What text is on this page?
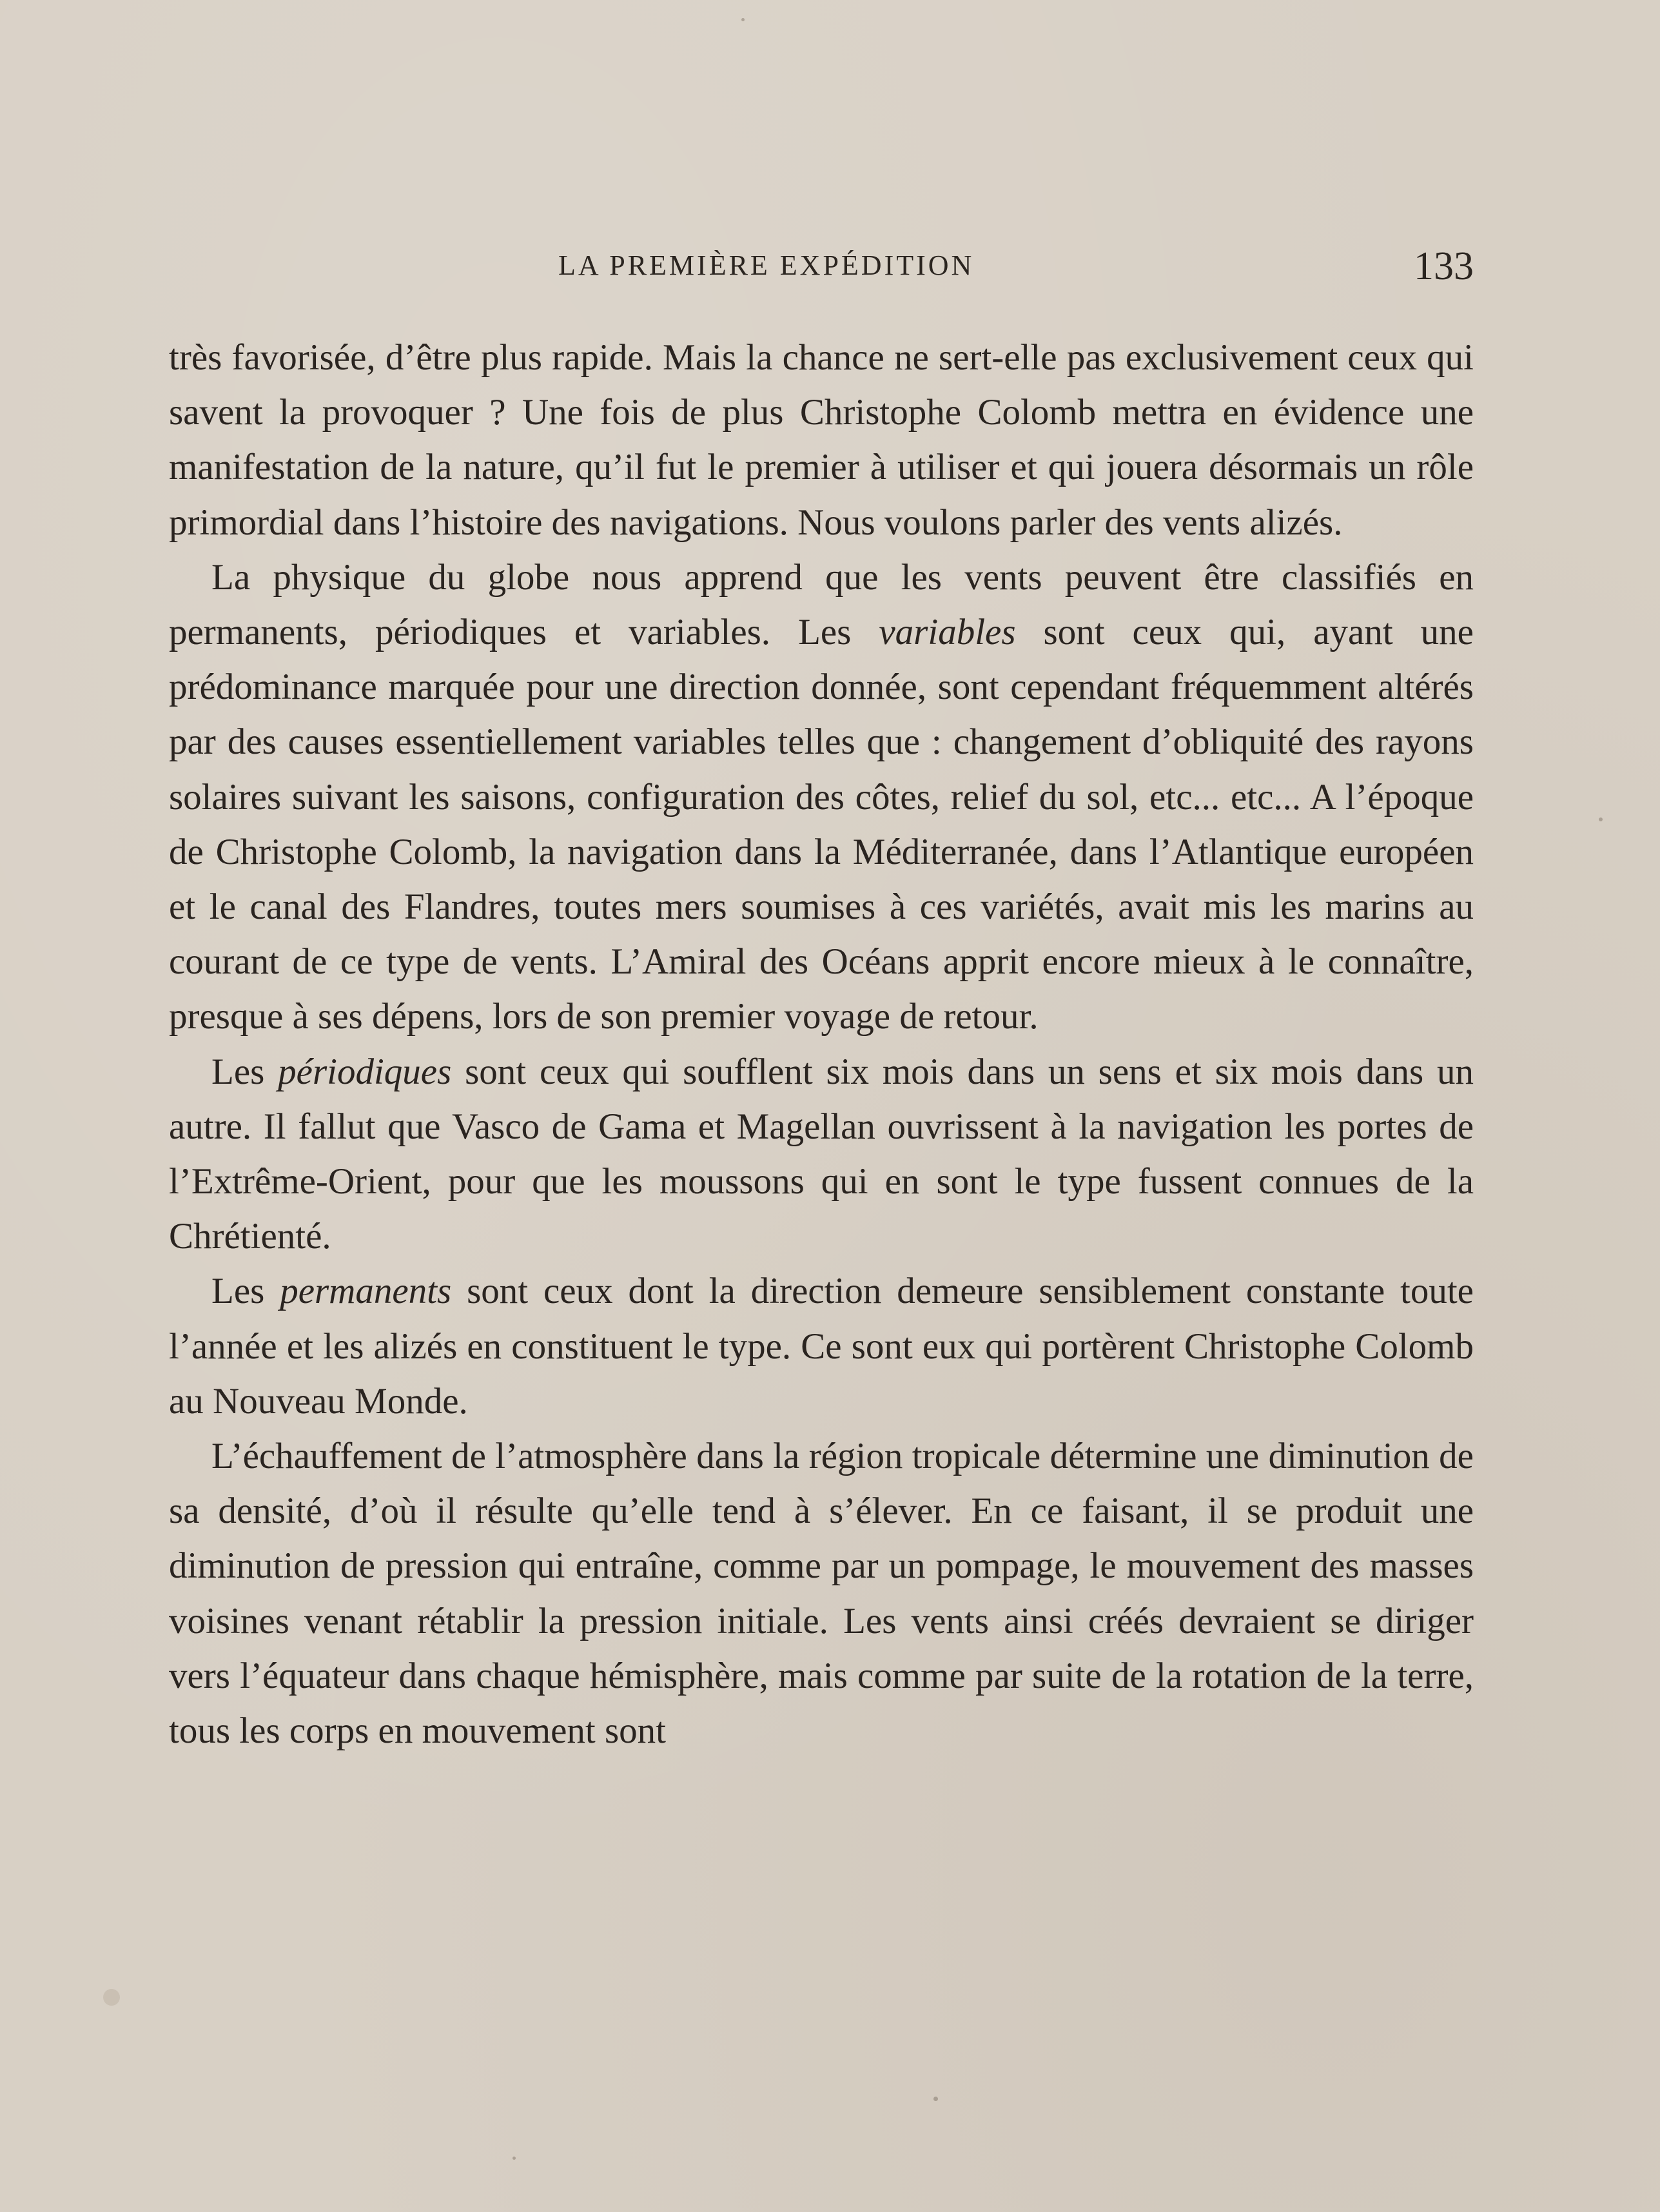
LA PREMIÈRE EXPÉDITION	133

très favorisée, d’être plus rapide. Mais la chance ne sert-elle pas exclusivement ceux qui savent la provoquer ? Une fois de plus Christophe Colomb mettra en évidence une manifestation de la nature, qu’il fut le premier à utiliser et qui jouera désormais un rôle primordial dans l’histoire des navigations. Nous voulons parler des vents alizés.

La physique du globe nous apprend que les vents peuvent être classifiés en permanents, périodiques et variables. Les variables sont ceux qui, ayant une prédominance marquée pour une direction donnée, sont cependant fréquemment altérés par des causes essentiellement variables telles que : changement d’obliquité des rayons solaires suivant les saisons, configuration des côtes, relief du sol, etc... etc... A l’époque de Christophe Colomb, la navigation dans la Méditerranée, dans l’Atlantique européen et le canal des Flandres, toutes mers soumises à ces variétés, avait mis les marins au courant de ce type de vents. L’Amiral des Océans apprit encore mieux à le connaître, presque à ses dépens, lors de son premier voyage de retour.

Les périodiques sont ceux qui soufflent six mois dans un sens et six mois dans un autre. Il fallut que Vasco de Gama et Magellan ouvrissent à la navigation les portes de l’Extrême-Orient, pour que les moussons qui en sont le type fussent connues de la Chrétienté.

Les permanents sont ceux dont la direction demeure sensiblement constante toute l’année et les alizés en constituent le type. Ce sont eux qui portèrent Christophe Colomb au Nouveau Monde.

L’échauffement de l’atmosphère dans la région tropicale détermine une diminution de sa densité, d’où il résulte qu’elle tend à s’élever. En ce faisant, il se produit une diminution de pression qui entraîne, comme par un pompage, le mouvement des masses voisines venant rétablir la pression initiale. Les vents ainsi créés devraient se diriger vers l’équateur dans chaque hémisphère, mais comme par suite de la rotation de la terre, tous les corps en mouvement sont
